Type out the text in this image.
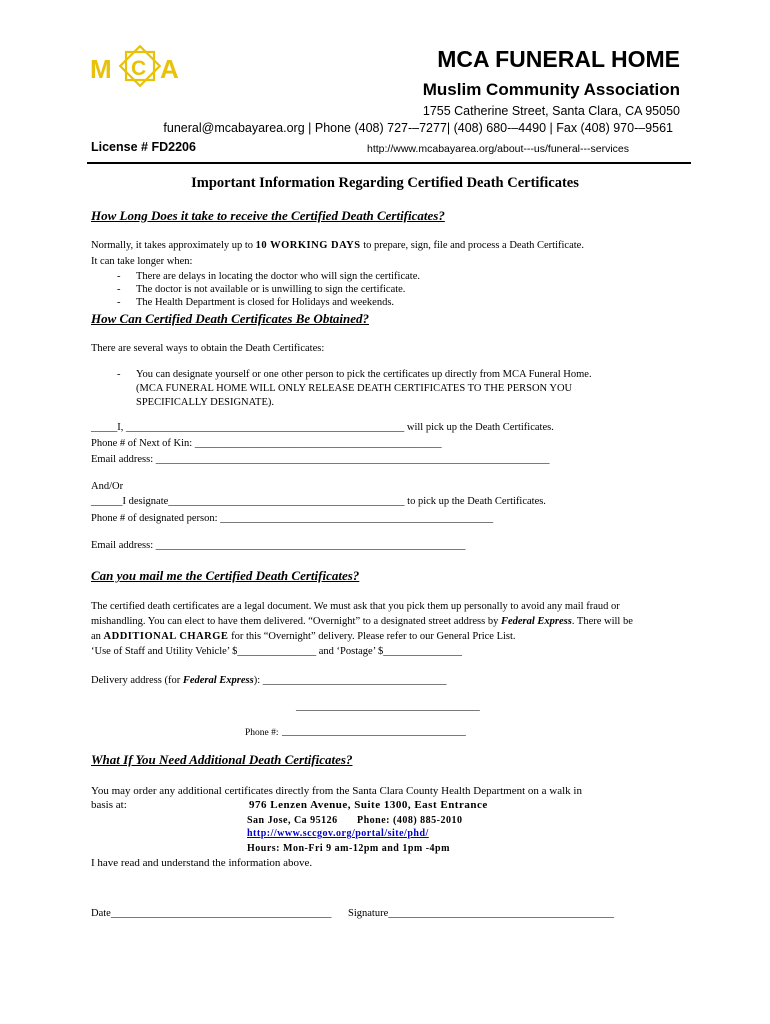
M C A	MCA FUNERAL HOME
Muslim Community Association
1755 Catherine Street, Santa Clara, CA 95050
funeral@mcabayarea.org | Phone (408) 727-–7277| (408) 680-–4490 | Fax (408) 970-–9561
License # FD2206	http://www.mcabayarea.org/about---us/funeral---services
Important Information Regarding Certified Death Certificates
How Long Does it take to receive the Certified Death Certificates?
Normally, it takes approximately up to 10 WORKING DAYS to prepare, sign, file and process a Death Certificate.
It can take longer when:
- There are delays in locating the doctor who will sign the certificate.
- The doctor is not available or is unwilling to sign the certificate.
- The Health Department is closed for Holidays and weekends.
How Can Certified Death Certificates Be Obtained?
There are several ways to obtain the Death Certificates:
- You can designate yourself or one other person to pick the certificates up directly from MCA Funeral Home.
(MCA FUNERAL HOME WILL ONLY RELEASE DEATH CERTIFICATES TO THE PERSON YOU
SPECIFICALLY DESIGNATE).
_____I, _____________________________________________________ will pick up the Death Certificates.
Phone # of Next of Kin: _______________________________________________
Email address: ___________________________________________________________________________
And/Or
______I designate_____________________________________________ to pick up the Death Certificates.
Phone # of designated person: ____________________________________________________
Email address: ___________________________________________________________
Can you mail me the Certified Death Certificates?
The certified death certificates are a legal document. We must ask that you pick them up personally to avoid any mail fraud or
mishandling. You can elect to have them delivered. “Overnight” to a designated street address by Federal Express. There will be
an ADDITIONAL CHARGE for this “Overnight” delivery. Please refer to our General Price List.
‘Use of Staff and Utility Vehicle’ $_______________ and ‘Postage’ $_______________
Delivery address (for Federal Express): ___________________________________
___________________________________
Phone #: ___________________________________
What If You Need Additional Death Certificates?
You may order any additional certificates directly from the Santa Clara County Health Department on a walk in
basis at:	976 Lenzen Avenue, Suite 1300, East Entrance
San Jose, Ca 95126 Phone: (408) 885-2010
http://www.sccgov.org/portal/site/phd/
Hours: Mon-Fri 9 am-12pm and 1pm -4pm
I have read and understand the information above.
Date__________________________________________ Signature___________________________________________
